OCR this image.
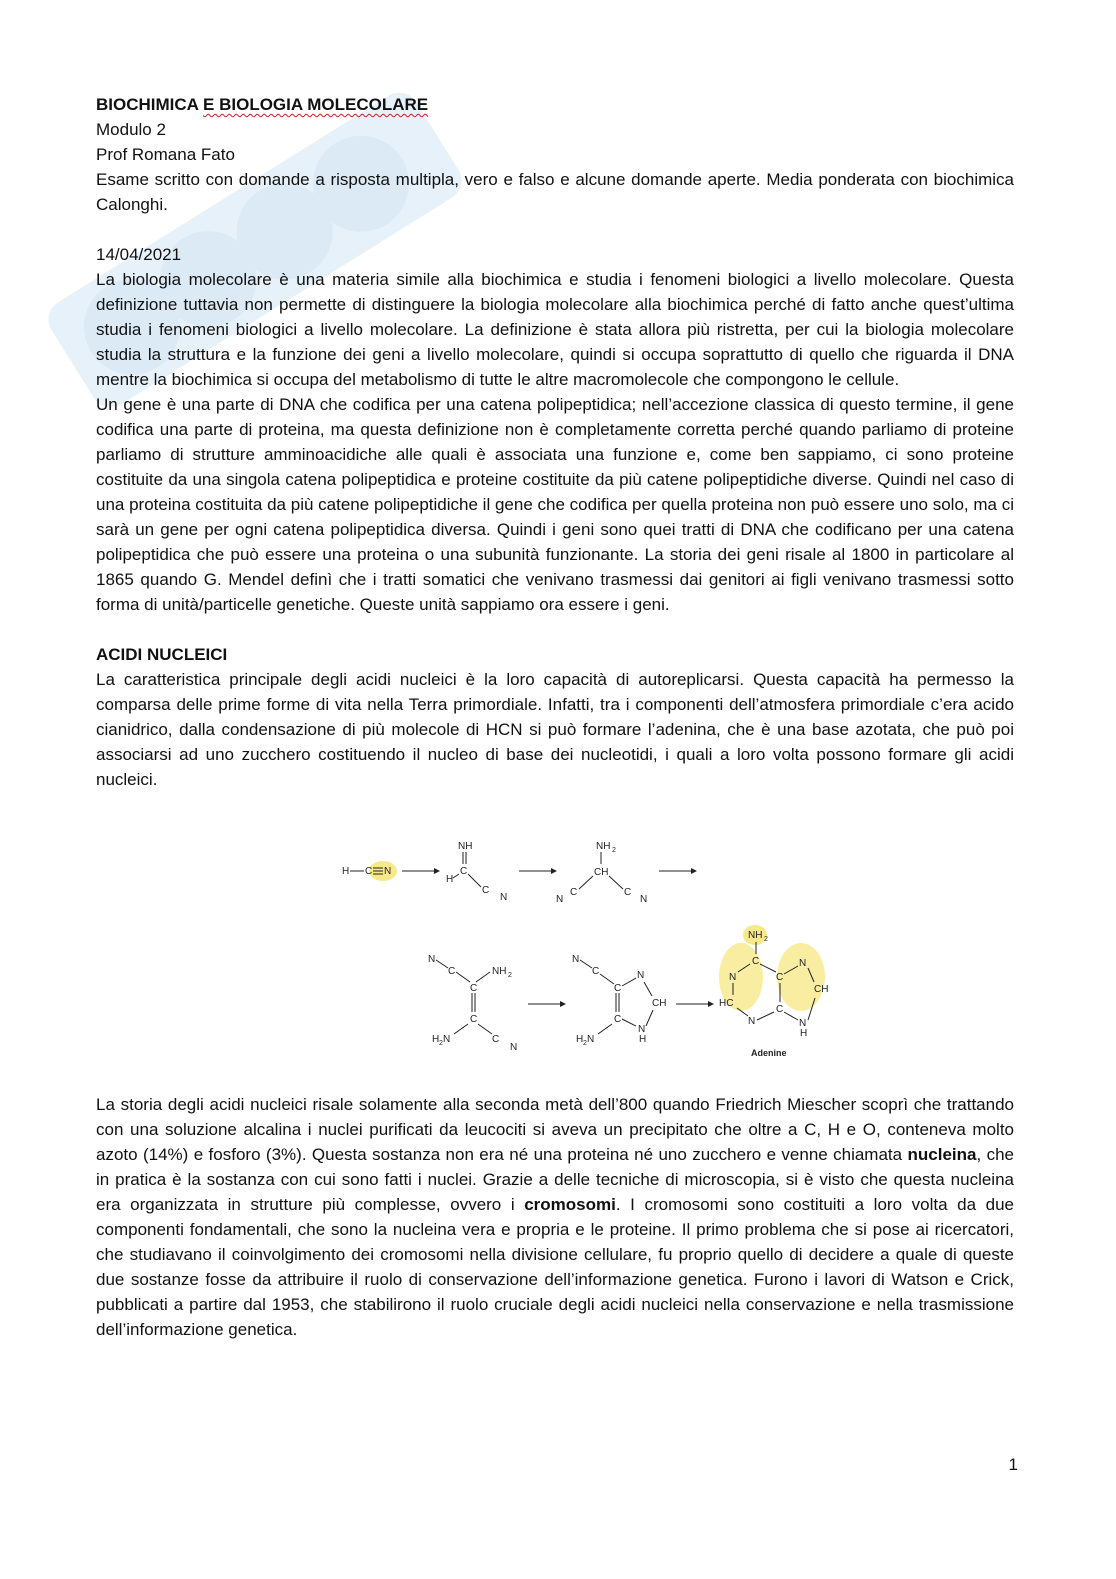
BIOCHIMICA E BIOLOGIA MOLECOLARE

Modulo 2

Prof Romana Fato

Esame scritto con domande a risposta multipla, vero e falso e alcune domande aperte. Media ponderata con biochimica Calonghi.

14/04/2021

La biologia molecolare è una materia simile alla biochimica e studia i fenomeni biologici a livello molecolare. Questa definizione tuttavia non permette di distinguere la biologia molecolare alla biochimica perché di fatto anche quest’ultima studia i fenomeni biologici a livello molecolare. La definizione è stata allora più ristretta, per cui la biologia molecolare studia la struttura e la funzione dei geni a livello molecolare, quindi si occupa soprattutto di quello che riguarda il DNA mentre la biochimica si occupa del metabolismo di tutte le altre macromolecole che compongono le cellule.

Un gene è una parte di DNA che codifica per una catena polipeptidica; nell’accezione classica di questo termine, il gene codifica una parte di proteina, ma questa definizione non è completamente corretta perché quando parliamo di proteine parliamo di strutture amminoacidiche alle quali è associata una funzione e, come ben sappiamo, ci sono proteine costituite da una singola catena polipeptidica e proteine costituite da più catene polipeptidiche diverse. Quindi nel caso di una proteina costituita da più catene polipeptidiche il gene che codifica per quella proteina non può essere uno solo, ma ci sarà un gene per ogni catena polipeptidica diversa. Quindi i geni sono quei tratti di DNA che codificano per una catena polipeptidica che può essere una proteina o una subunità funzionante. La storia dei geni risale al 1800 in particolare al 1865 quando G. Mendel definì che i tratti somatici che venivano trasmessi dai genitori ai figli venivano trasmessi sotto forma di unità/particelle genetiche. Queste unità sappiamo ora essere i geni.

ACIDI NUCLEICI

La caratteristica principale degli acidi nucleici è la loro capacità di autoreplicarsi. Questa capacità ha permesso la comparsa delle prime forme di vita nella Terra primordiale. Infatti, tra i componenti dell’atmosfera primordiale c’era acido cianidrico, dalla condensazione di più molecole di HCN si può formare l’adenina, che è una base azotata, che può poi associarsi ad uno zucchero costituendo il nucleo di base dei nucleotidi, i quali a loro volta possono formare gli acidi nucleici.

H C N
NH
C
H
C
N
NH 2
CH
C
N
C
N
N
C	NH 2
C
C
H 2 N	C
N
N
C
C
N
CH
C
N
H
H 2 N
NH 2
C
N	C
N
CH
HC
N
C
N
H
Adenine

La storia degli acidi nucleici risale solamente alla seconda metà dell’800 quando Friedrich Miescher scoprì che trattando con una soluzione alcalina i nuclei purificati da leucociti si aveva un precipitato che oltre a C, H e O, conteneva molto azoto (14%) e fosforo (3%). Questa sostanza non era né una proteina né uno zucchero e venne chiamata nucleina, che in pratica è la sostanza con cui sono fatti i nuclei. Grazie a delle tecniche di microscopia, si è visto che questa nucleina era organizzata in strutture più complesse, ovvero i cromosomi. I cromosomi sono costituiti a loro volta da due componenti fondamentali, che sono la nucleina vera e propria e le proteine. Il primo problema che si pose ai ricercatori, che studiavano il coinvolgimento dei cromosomi nella divisione cellulare, fu proprio quello di decidere a quale di queste due sostanze fosse da attribuire il ruolo di conservazione dell’informazione genetica. Furono i lavori di Watson e Crick, pubblicati a partire dal 1953, che stabilirono il ruolo cruciale degli acidi nucleici nella conservazione e nella trasmissione dell’informazione genetica.

1
